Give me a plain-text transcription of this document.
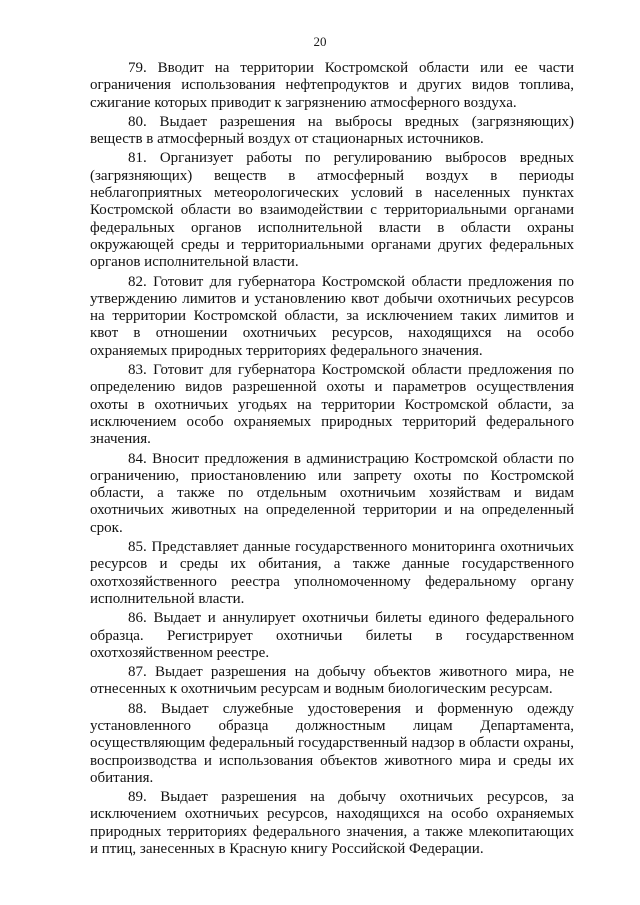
20

79. Вводит на территории Костромской области или ее части ограничения использования нефтепродуктов и других видов топлива, сжигание которых приводит к загрязнению атмосферного воздуха.

80. Выдает разрешения на выбросы вредных (загрязняющих) веществ в атмосферный воздух от стационарных источников.

81. Организует работы по регулированию выбросов вредных (загрязняющих) веществ в атмосферный воздух в периоды неблагоприятных метеорологических условий в населенных пунктах Костромской области во взаимодействии с территориальными органами федеральных органов исполнительной власти в области охраны окружающей среды и территориальными органами других федеральных органов исполнительной власти.

82. Готовит для губернатора Костромской области предложения по утверждению лимитов и установлению квот добычи охотничьих ресурсов на территории Костромской области, за исключением таких лимитов и квот в отношении охотничьих ресурсов, находящихся на особо охраняемых природных территориях федерального значения.

83. Готовит для губернатора Костромской области предложения по определению видов разрешенной охоты и параметров осуществления охоты в охотничьих угодьях на территории Костромской области, за исключением особо охраняемых природных территорий федерального значения.

84. Вносит предложения в администрацию Костромской области по ограничению, приостановлению или запрету охоты по Костромской области, а также по отдельным охотничьим хозяйствам и видам охотничьих животных на определенной территории и на определенный срок.

85. Представляет данные государственного мониторинга охотничьих ресурсов и среды их обитания, а также данные государственного охотхозяйственного реестра уполномоченному федеральному органу исполнительной власти.

86. Выдает и аннулирует охотничьи билеты единого федерального образца. Регистрирует охотничьи билеты в государственном охотхозяйственном реестре.

87. Выдает разрешения на добычу объектов животного мира, не отнесенных к охотничьим ресурсам и водным биологическим ресурсам.

88. Выдает служебные удостоверения и форменную одежду установленного образца должностным лицам Департамента, осуществляющим федеральный государственный надзор в области охраны, воспроизводства и использования объектов животного мира и среды их обитания.

89. Выдает разрешения на добычу охотничьих ресурсов, за исключением охотничьих ресурсов, находящихся на особо охраняемых природных территориях федерального значения, а также млекопитающих и птиц, занесенных в Красную книгу Российской Федерации.
